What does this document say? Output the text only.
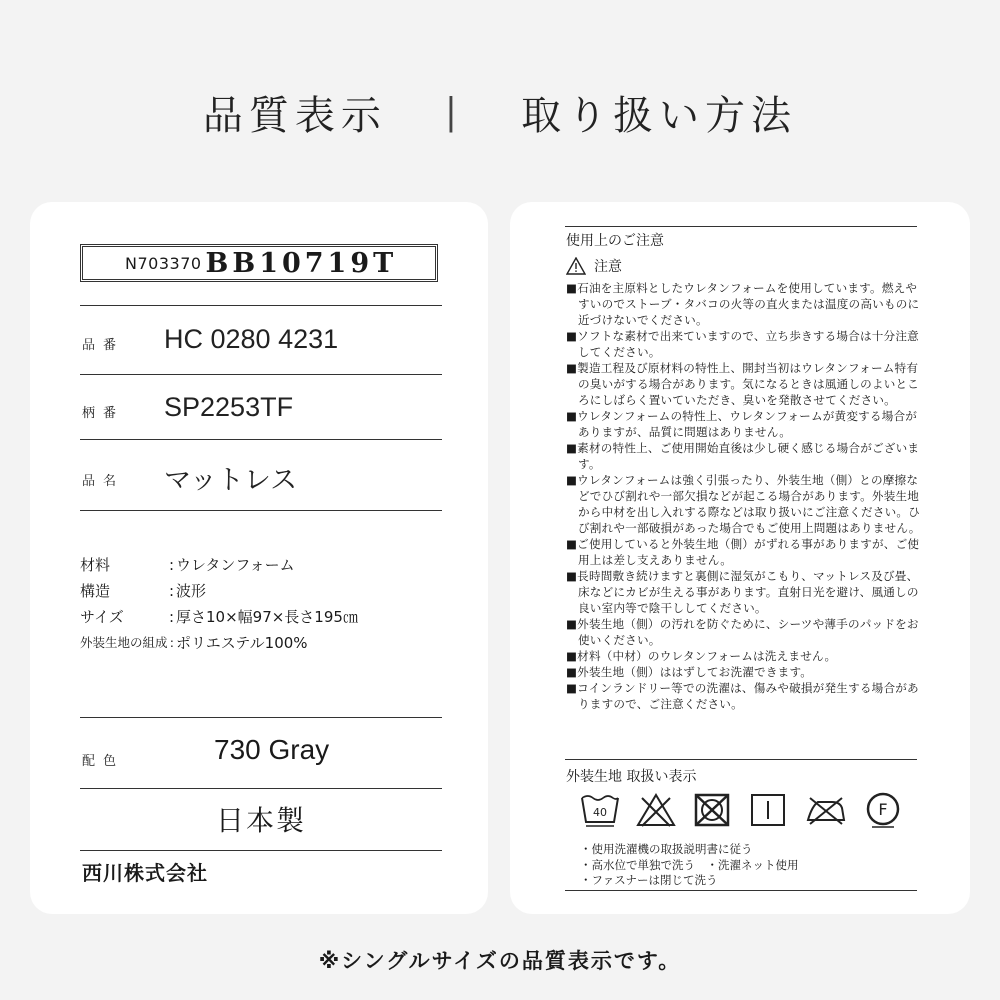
品質表示 | 取り扱い方法
N703370 BB10719T
品番 HC 0280 4231
柄番 SP2253TF
品名 マットレス
材料	: ウレタンフォーム
構造	: 波形
サイズ	: 厚さ10×幅97×長さ195㎝
外装生地の組成 : ポリエステル100%
配色	730 Gray
日本製
西川株式会社
使用上のご注意
注意
■石油を主原料としたウレタンフォームを使用しています。燃えやすいのでストーブ・タバコの火等の直火または温度の高いものに近づけないでください。
■ソフトな素材で出来ていますので、立ち歩きする場合は十分注意してください。
■製造工程及び原材料の特性上、開封当初はウレタンフォーム特有の臭いがする場合があります。気になるときは風通しのよいところにしばらく置いていただき、臭いを発散させてください。
■ウレタンフォームの特性上、ウレタンフォームが黄変する場合がありますが、品質に問題はありません。
■素材の特性上、ご使用開始直後は少し硬く感じる場合がございます。
■ウレタンフォームは強く引張ったり、外装生地（側）との摩擦などでひび割れや一部欠損などが起こる場合があります。外装生地から中材を出し入れする際などは取り扱いにご注意ください。ひび割れや一部破損があった場合でもご使用上問題はありません。
■ご使用していると外装生地（側）がずれる事がありますが、ご使用上は差し支えありません。
■長時間敷き続けますと裏側に湿気がこもり、マットレス及び畳、床などにカビが生える事があります。直射日光を避け、風通しの良い室内等で陰干ししてください。
■外装生地（側）の汚れを防ぐために、シーツや薄手のパッドをお使いください。
■材料（中材）のウレタンフォームは洗えません。
■外装生地（側）ははずしてお洗濯できます。
■コインランドリー等での洗濯は、傷みや破損が発生する場合がありますので、ご注意ください。
外装生地 取扱い表示
40	F
・使用洗濯機の取扱説明書に従う
・高水位で単独で洗う　・洗濯ネット使用
・ファスナーは閉じて洗う
※シングルサイズの品質表示です。
